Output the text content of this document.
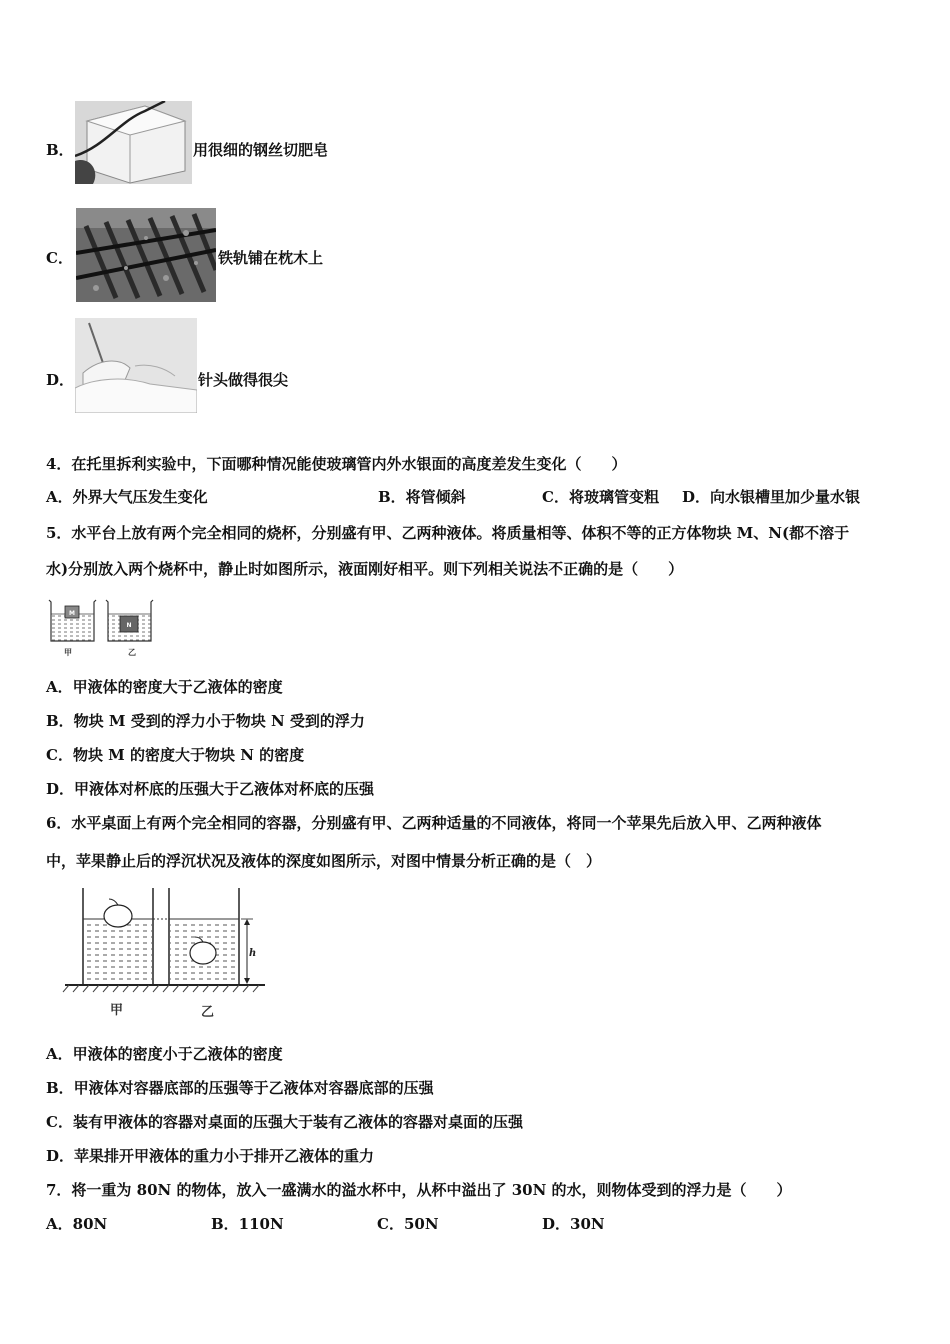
B．	用很细的钢丝切肥皂
C．	铁轨铺在枕木上
D．	针头做得很尖
4．在托里拆利实验中，下面哪种情况能使玻璃管内外水银面的高度差发生变化（　　）
A．外界大气压发生变化	B．将管倾斜	C．将玻璃管变粗 D．向水银槽里加少量水银
5．水平台上放有两个完全相同的烧杯，分别盛有甲、乙两种液体。将质量相等、体积不等的正方体物块 M、N(都不溶于
水)分别放入两个烧杯中，静止时如图所示，液面刚好相平。则下列相关说法不正确的是（　　）
M
N
甲	乙
A．甲液体的密度大于乙液体的密度
B．物块 M 受到的浮力小于物块 N 受到的浮力
C．物块 M 的密度大于物块 N 的密度
D．甲液体对杯底的压强大于乙液体对杯底的压强
6．水平桌面上有两个完全相同的容器，分别盛有甲、乙两种适量的不同液体，将同一个苹果先后放入甲、乙两种液体
中，苹果静止后的浮沉状况及液体的深度如图所示，对图中情景分析正确的是（　）
h
甲	乙
A．甲液体的密度小于乙液体的密度
B．甲液体对容器底部的压强等于乙液体对容器底部的压强
C．装有甲液体的容器对桌面的压强大于装有乙液体的容器对桌面的压强
D．苹果排开甲液体的重力小于排开乙液体的重力
7．将一重为 80N 的物体，放入一盛满水的溢水杯中，从杯中溢出了 30N 的水，则物体受到的浮力是（　　）
A．80N	B．110N	C．50N	D．30N
